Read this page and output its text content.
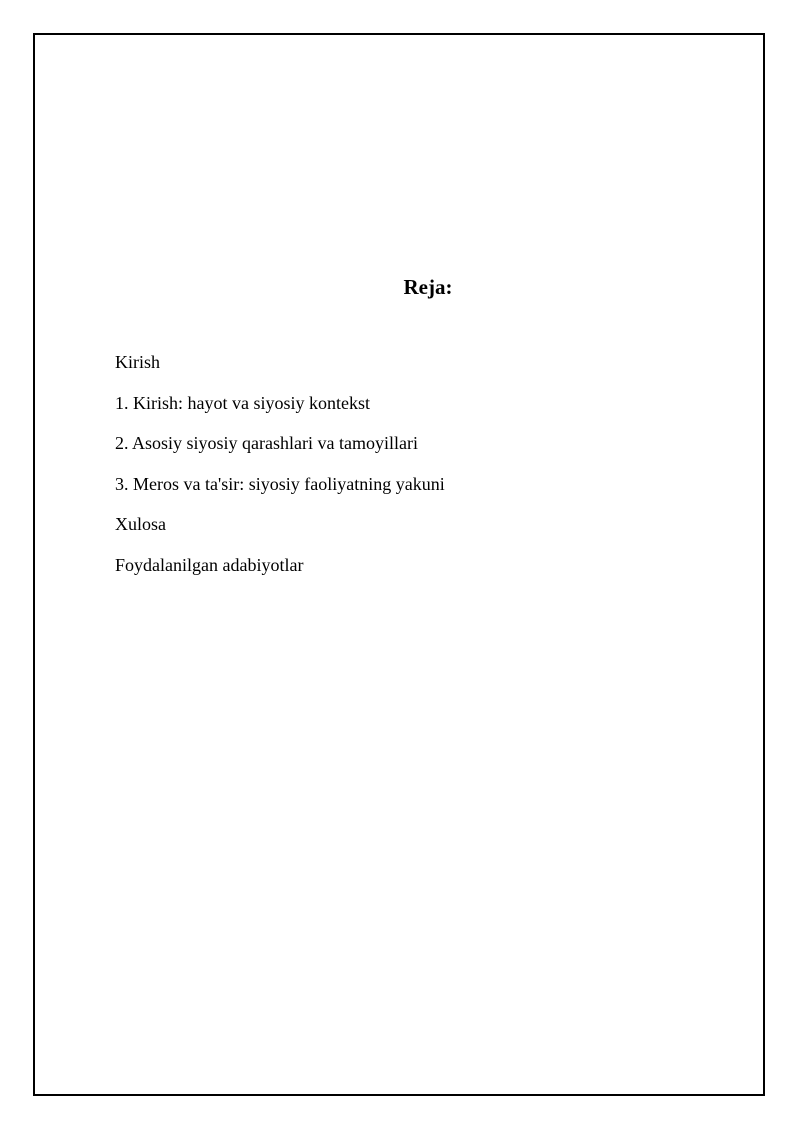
Reja:
Kirish
1. Kirish: hayot va siyosiy kontekst
2. Asosiy siyosiy qarashlari va tamoyillari
3. Meros va ta'sir: siyosiy faoliyatning yakuni
Xulosa
Foydalanilgan adabiyotlar
